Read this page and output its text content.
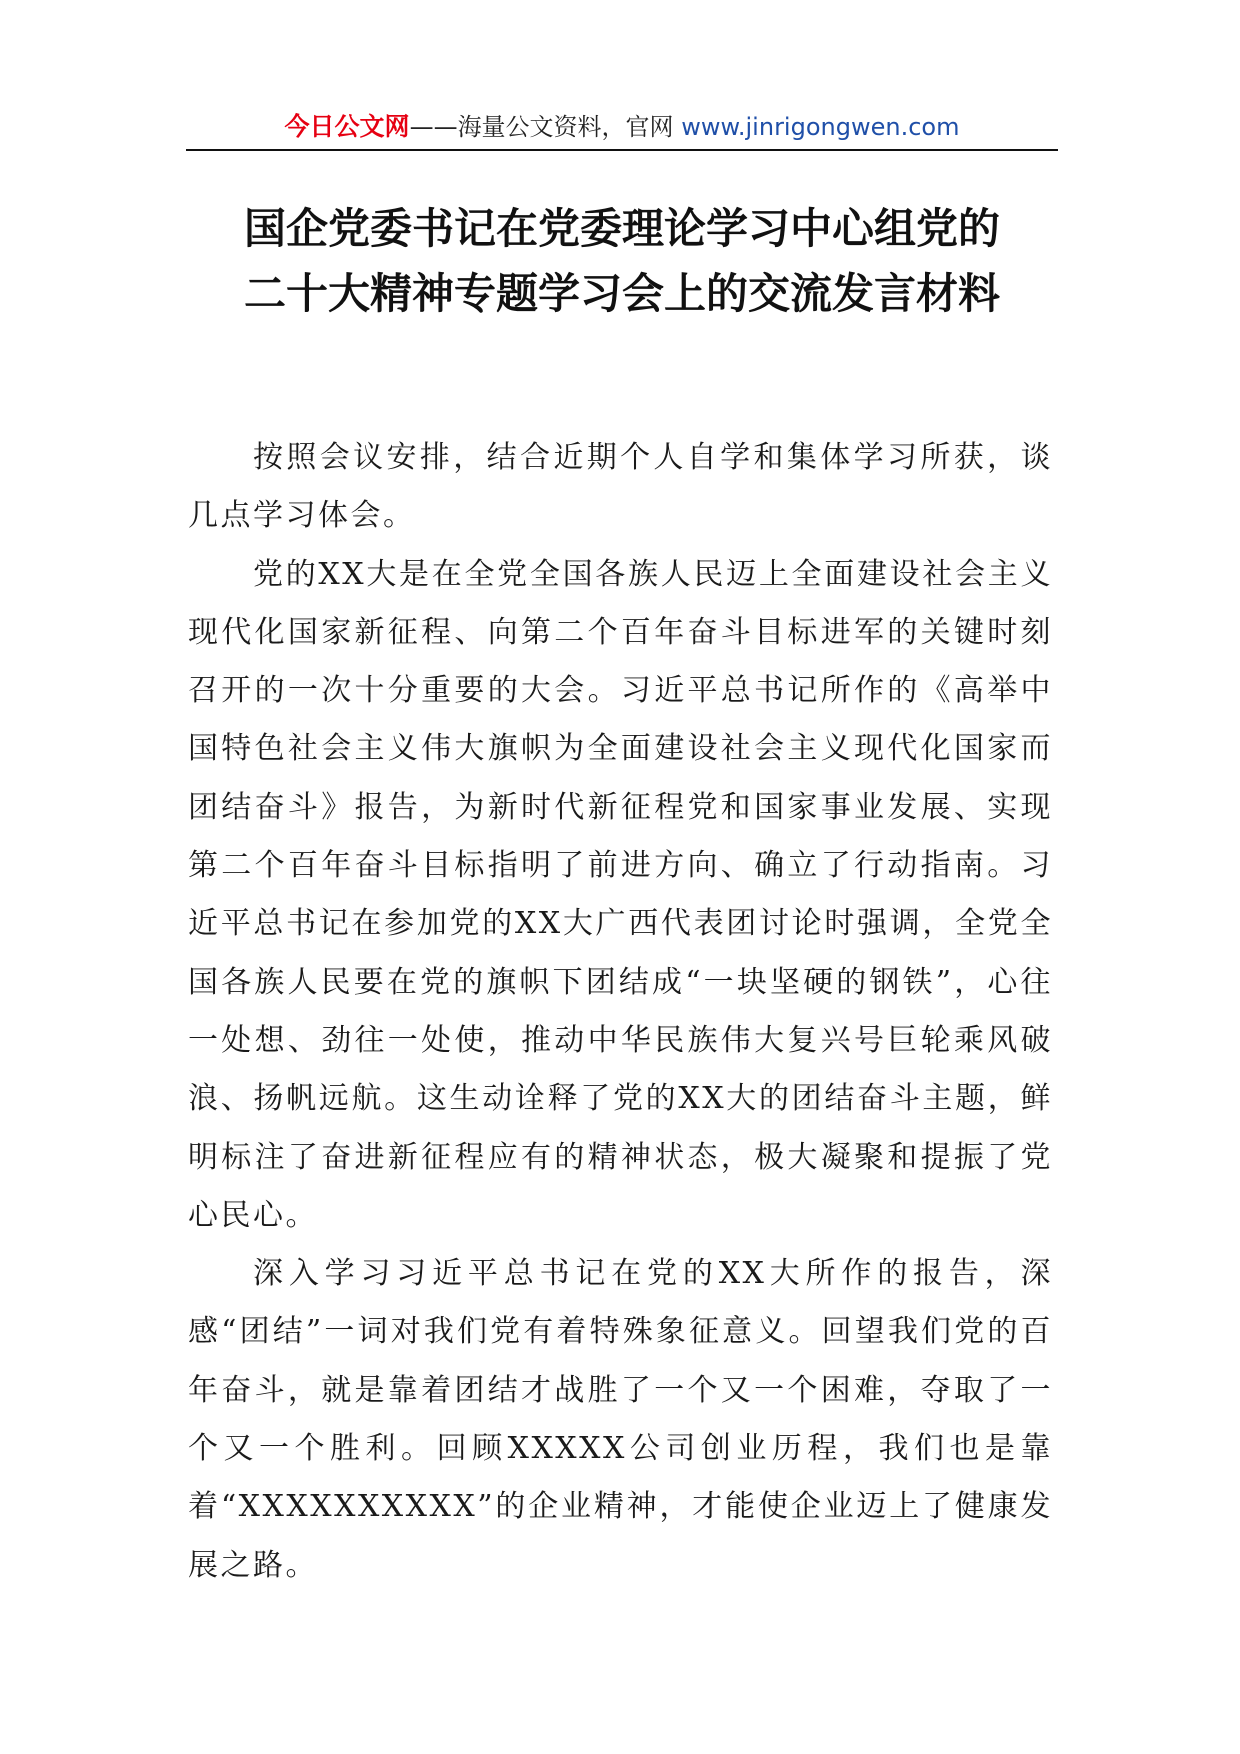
今日公文网——海量公文资料，官网 www.jinrigongwen.com
国企党委书记在党委理论学习中心组党的
二十大精神专题学习会上的交流发言材料

按照会议安排，结合近期个人自学和集体学习所获，谈几点学习体会。

党的XX大是在全党全国各族人民迈上全面建设社会主义现代化国家新征程、向第二个百年奋斗目标进军的关键时刻召开的一次十分重要的大会。习近平总书记所作的《高举中国特色社会主义伟大旗帜为全面建设社会主义现代化国家而团结奋斗》报告，为新时代新征程党和国家事业发展、实现第二个百年奋斗目标指明了前进方向、确立了行动指南。习近平总书记在参加党的XX大广西代表团讨论时强调，全党全国各族人民要在党的旗帜下团结成“一块坚硬的钢铁”，心往一处想、劲往一处使，推动中华民族伟大复兴号巨轮乘风破浪、扬帆远航。这生动诠释了党的XX大的团结奋斗主题，鲜明标注了奋进新征程应有的精神状态，极大凝聚和提振了党心民心。

深入学习习近平总书记在党的XX大所作的报告，深感“团结”一词对我们党有着特殊象征意义。回望我们党的百年奋斗，就是靠着团结才战胜了一个又一个困难，夺取了一个又一个胜利。回顾XXXXX公司创业历程，我们也是靠着“XXXXXXXXXX”的企业精神，才能使企业迈上了健康发展之路。
